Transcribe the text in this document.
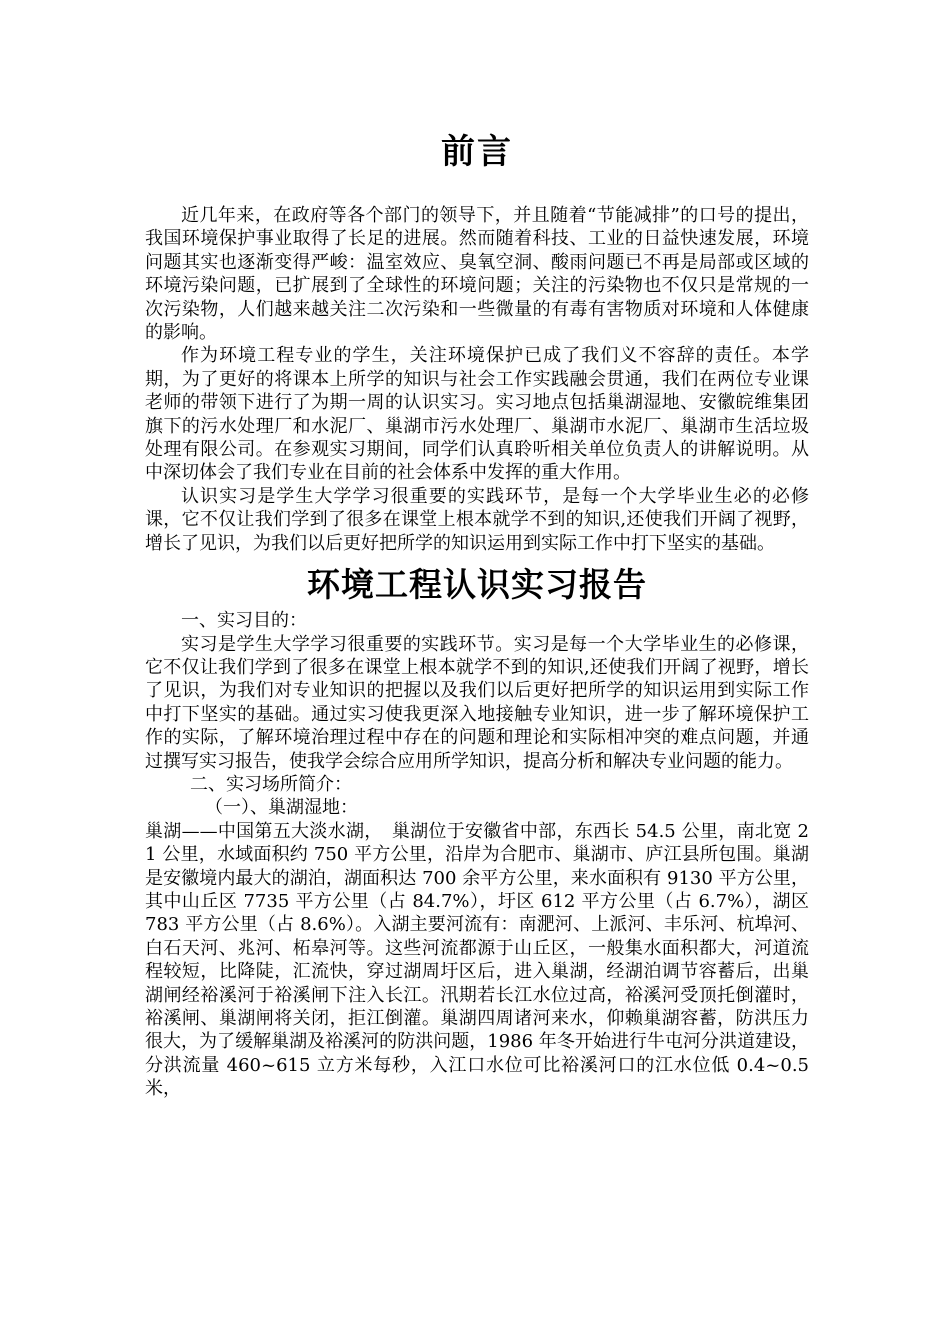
前言

近几年来，在政府等各个部门的领导下，并且随着“节能减排”的口号的提出，我国环境保护事业取得了长足的进展。然而随着科技、工业的日益快速发展，环境问题其实也逐渐变得严峻：温室效应、臭氧空洞、酸雨问题已不再是局部或区域的环境污染问题，已扩展到了全球性的环境问题；关注的污染物也不仅只是常规的一次污染物，人们越来越关注二次污染和一些微量的有毒有害物质对环境和人体健康的影响。

作为环境工程专业的学生，关注环境保护已成了我们义不容辞的责任。本学期，为了更好的将课本上所学的知识与社会工作实践融会贯通，我们在两位专业课老师的带领下进行了为期一周的认识实习。实习地点包括巢湖湿地、安徽皖维集团旗下的污水处理厂和水泥厂、巢湖市污水处理厂、巢湖市水泥厂、巢湖市生活垃圾处理有限公司。在参观实习期间，同学们认真聆听相关单位负责人的讲解说明。从中深切体会了我们专业在目前的社会体系中发挥的重大作用。

认识实习是学生大学学习很重要的实践环节，是每一个大学毕业生必的必修课，它不仅让我们学到了很多在课堂上根本就学不到的知识,还使我们开阔了视野，增长了见识，为我们以后更好把所学的知识运用到实际工作中打下坚实的基础。

环境工程认识实习报告
一、实习目的：

实习是学生大学学习很重要的实践环节。实习是每一个大学毕业生的必修课，它不仅让我们学到了很多在课堂上根本就学不到的知识,还使我们开阔了视野，增长了见识，为我们对专业知识的把握以及我们以后更好把所学的知识运用到实际工作中打下坚实的基础。通过实习使我更深入地接触专业知识，进一步了解环境保护工作的实际，了解环境治理过程中存在的问题和理论和实际相冲突的难点问题，并通过撰写实习报告，使我学会综合应用所学知识，提高分析和解决专业问题的能力。

二、实习场所简介：
（一）、巢湖湿地：

巢湖——中国第五大淡水湖，　巢湖位于安徽省中部，东西长 54.5 公里，南北宽 21 公里，水域面积约 750 平方公里，沿岸为合肥市、巢湖市、庐江县所包围。巢湖是安徽境内最大的湖泊，湖面积达 700 余平方公里，来水面积有 9130 平方公里，其中山丘区 7735 平方公里（占 84.7%），圩区 612 平方公里（占 6.7%），湖区 783 平方公里（占 8.6%）。入湖主要河流有：南淝河、上派河、丰乐河、杭埠河、白石天河、兆河、柘皋河等。这些河流都源于山丘区，一般集水面积都大，河道流程较短，比降陡，汇流快，穿过湖周圩区后，进入巢湖，经湖泊调节容蓄后，出巢湖闸经裕溪河于裕溪闸下注入长江。汛期若长江水位过高，裕溪河受顶托倒灌时，裕溪闸、巢湖闸将关闭，拒江倒灌。巢湖四周诸河来水，仰赖巢湖容蓄，防洪压力很大，为了缓解巢湖及裕溪河的防洪问题，1986 年冬开始进行牛屯河分洪道建设，分洪流量 460~615 立方米每秒，入江口水位可比裕溪河口的江水位低 0.4~0.5 米，
